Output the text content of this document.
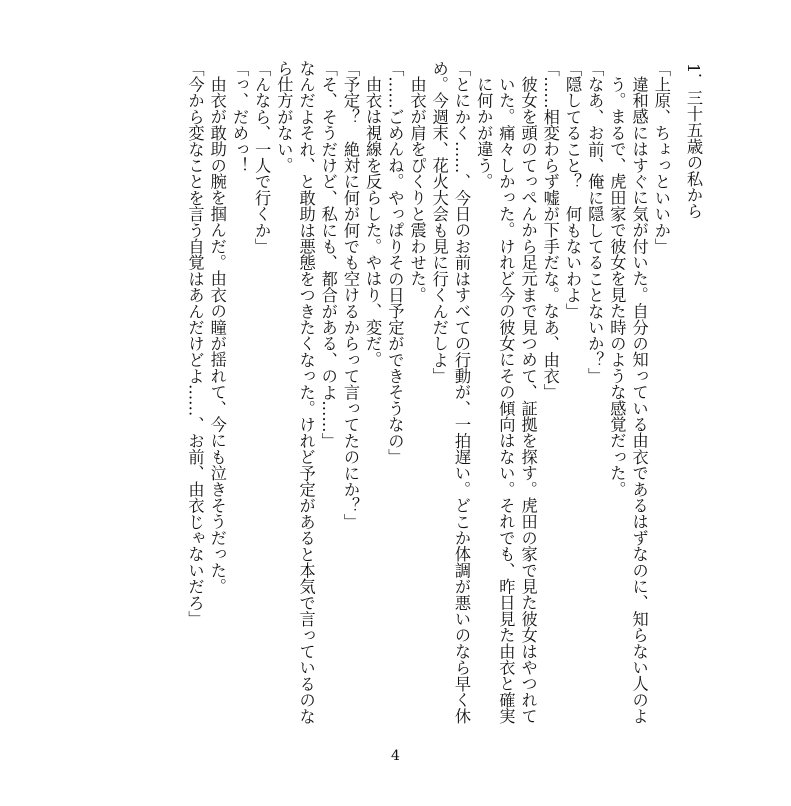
1．三十五歳の私から

「上原、ちょっといいか」

違和感にはすぐに気が付いた。自分の知っている由衣であるはずなのに、知らない人のよう。まるで、虎田家で彼女を見た時のような感覚だった。

「なあ、お前、俺に隠してることないか？」

「隠してること？　何もないわよ」

「……相変わらず嘘が下手だな。なあ、由衣」

彼女を頭のてっぺんから足元まで見つめて、証拠を探す。虎田の家で見た彼女はやつれていた。痛々しかった。けれど今の彼女にその傾向はない。それでも、昨日見た由衣と確実に何かが違う。

「とにかく……、今日のお前はすべての行動が、一拍遅い。どこか体調が悪いのなら早く休め。今週末、花火大会も見に行くんだしよ」

由衣が肩をぴくりと震わせた。

「……ごめんね。やっぱりその日予定ができそうなの」

由衣は視線を反らした。やはり、変だ。

「予定？　絶対に何が何でも空けるからって言ってたのにか？」

「そ、そうだけど、私にも、都合がある、のよ……」

なんだよそれ、と敢助は悪態をつきたくなった。けれど予定があると本気で言っているのなら仕方がない。

「んなら、一人で行くか」

「っ、だめっ！

由衣が敢助の腕を掴んだ。由衣の瞳が揺れて、今にも泣きそうだった。

「今から変なことを言う自覚はあんだけどよ……、お前、由衣じゃないだろ」

4
